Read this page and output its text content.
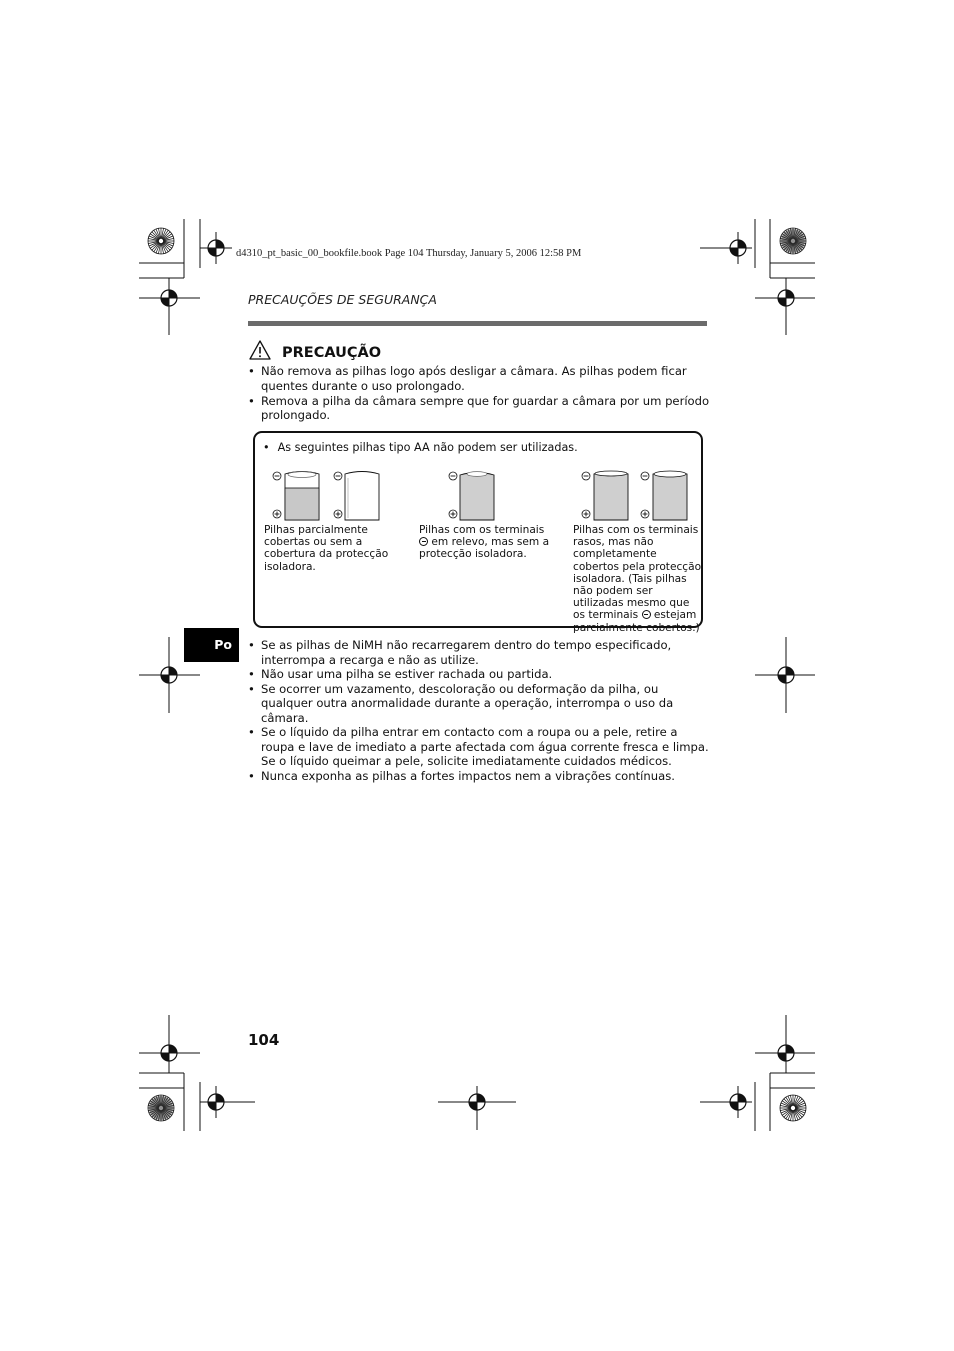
d4310_pt_basic_00_bookfile.book Page 104 Thursday, January 5, 2006 12:58 PM
PRECAUÇÕES DE SEGURANÇA
PRECAUÇÃO
• Não remova as pilhas logo após desligar a câmara. As pilhas podem ficar quentes durante o uso prolongado.
• Remova a pilha da câmara sempre que for guardar a câmara por um período prolongado.
• As seguintes pilhas tipo AA não podem ser utilizadas.
Pilhas parcialmente cobertas ou sem a cobertura da protecção isoladora.
Pilhas com os terminais
em relevo, mas sem a protecção isoladora.
Pilhas com os terminais rasos, mas não completamente cobertos pela protecção isoladora. (Tais pilhas não podem ser utilizadas mesmo que os terminais estejam parcialmente cobertos.)
Po
•	Se as pilhas de NiMH não recarregarem dentro do tempo especificado, interrompa a recarga e não as utilize.
• Não usar uma pilha se estiver rachada ou partida.
• Se ocorrer um vazamento, descoloração ou deformação da pilha, ou qualquer outra anormalidade durante a operação, interrompa o uso da câmara.
• Se o líquido da pilha entrar em contacto com a roupa ou a pele, retire a roupa e lave de imediato a parte afectada com água corrente fresca e limpa. Se o líquido queimar a pele, solicite imediatamente cuidados médicos.
• Nunca exponha as pilhas a fortes impactos nem a vibrações contínuas.
104
